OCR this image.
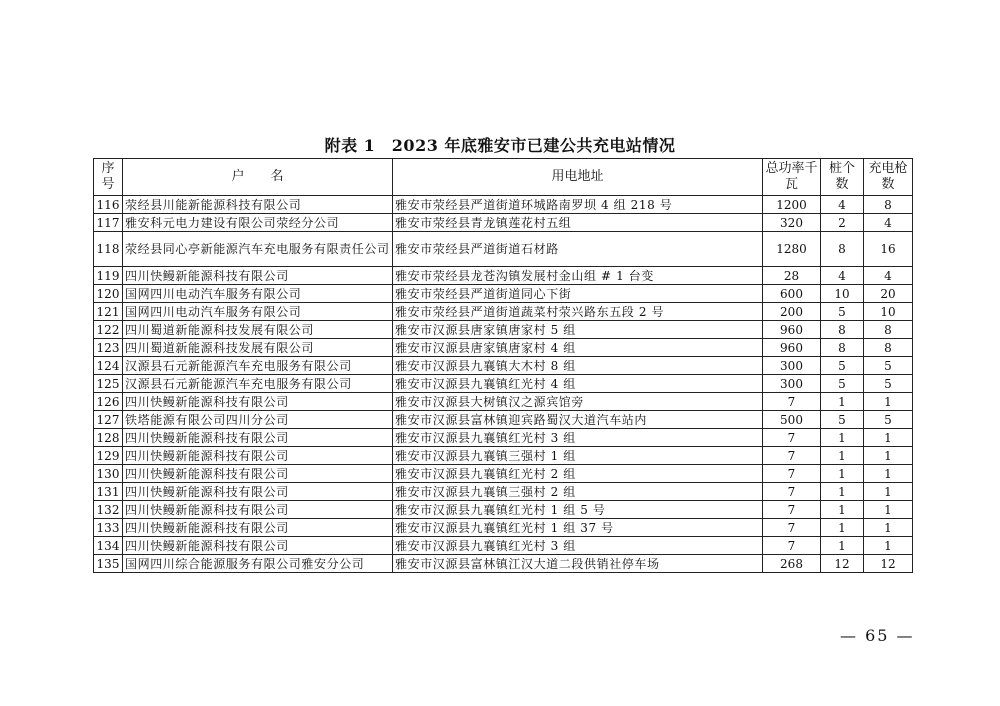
附表 1　2023 年底雅安市已建公共充电站情况
序号	户　　名	用电地址	总功率千瓦	桩个数	充电枪数
116	荥经县川能新能源科技有限公司	雅安市荥经县严道街道环城路南罗坝 4 组 218 号	1200	4	8
117	雅安科元电力建设有限公司荥经分公司	雅安市荥经县青龙镇莲花村五组	320	2	4
118	荥经县同心亭新能源汽车充电服务有限责任公司	雅安市荥经县严道街道石材路	1280	8	16
119	四川快鳗新能源科技有限公司	雅安市荥经县龙苍沟镇发展村金山组 # 1 台变	28	4	4
120	国网四川电动汽车服务有限公司	雅安市荥经县严道街道同心下街	600	10	20
121	国网四川电动汽车服务有限公司	雅安市荥经县严道街道蔬菜村荥兴路东五段 2 号	200	5	10
122	四川蜀道新能源科技发展有限公司	雅安市汉源县唐家镇唐家村 5 组	960	8	8
123	四川蜀道新能源科技发展有限公司	雅安市汉源县唐家镇唐家村 4 组	960	8	8
124	汉源县石元新能源汽车充电服务有限公司	雅安市汉源县九襄镇大木村 8 组	300	5	5
125	汉源县石元新能源汽车充电服务有限公司	雅安市汉源县九襄镇红光村 4 组	300	5	5
126	四川快鳗新能源科技有限公司	雅安市汉源县大树镇汉之源宾馆旁	7	1	1
127	铁塔能源有限公司四川分公司	雅安市汉源县富林镇迎宾路蜀汉大道汽车站内	500	5	5
128	四川快鳗新能源科技有限公司	雅安市汉源县九襄镇红光村 3 组	7	1	1
129	四川快鳗新能源科技有限公司	雅安市汉源县九襄镇三强村 1 组	7	1	1
130	四川快鳗新能源科技有限公司	雅安市汉源县九襄镇红光村 2 组	7	1	1
131	四川快鳗新能源科技有限公司	雅安市汉源县九襄镇三强村 2 组	7	1	1
132	四川快鳗新能源科技有限公司	雅安市汉源县九襄镇红光村 1 组 5 号	7	1	1
133	四川快鳗新能源科技有限公司	雅安市汉源县九襄镇红光村 1 组 37 号	7	1	1
134	四川快鳗新能源科技有限公司	雅安市汉源县九襄镇红光村 3 组	7	1	1
135	国网四川综合能源服务有限公司雅安分公司	雅安市汉源县富林镇江汉大道二段供销社停车场	268	12	12
— 65 —
